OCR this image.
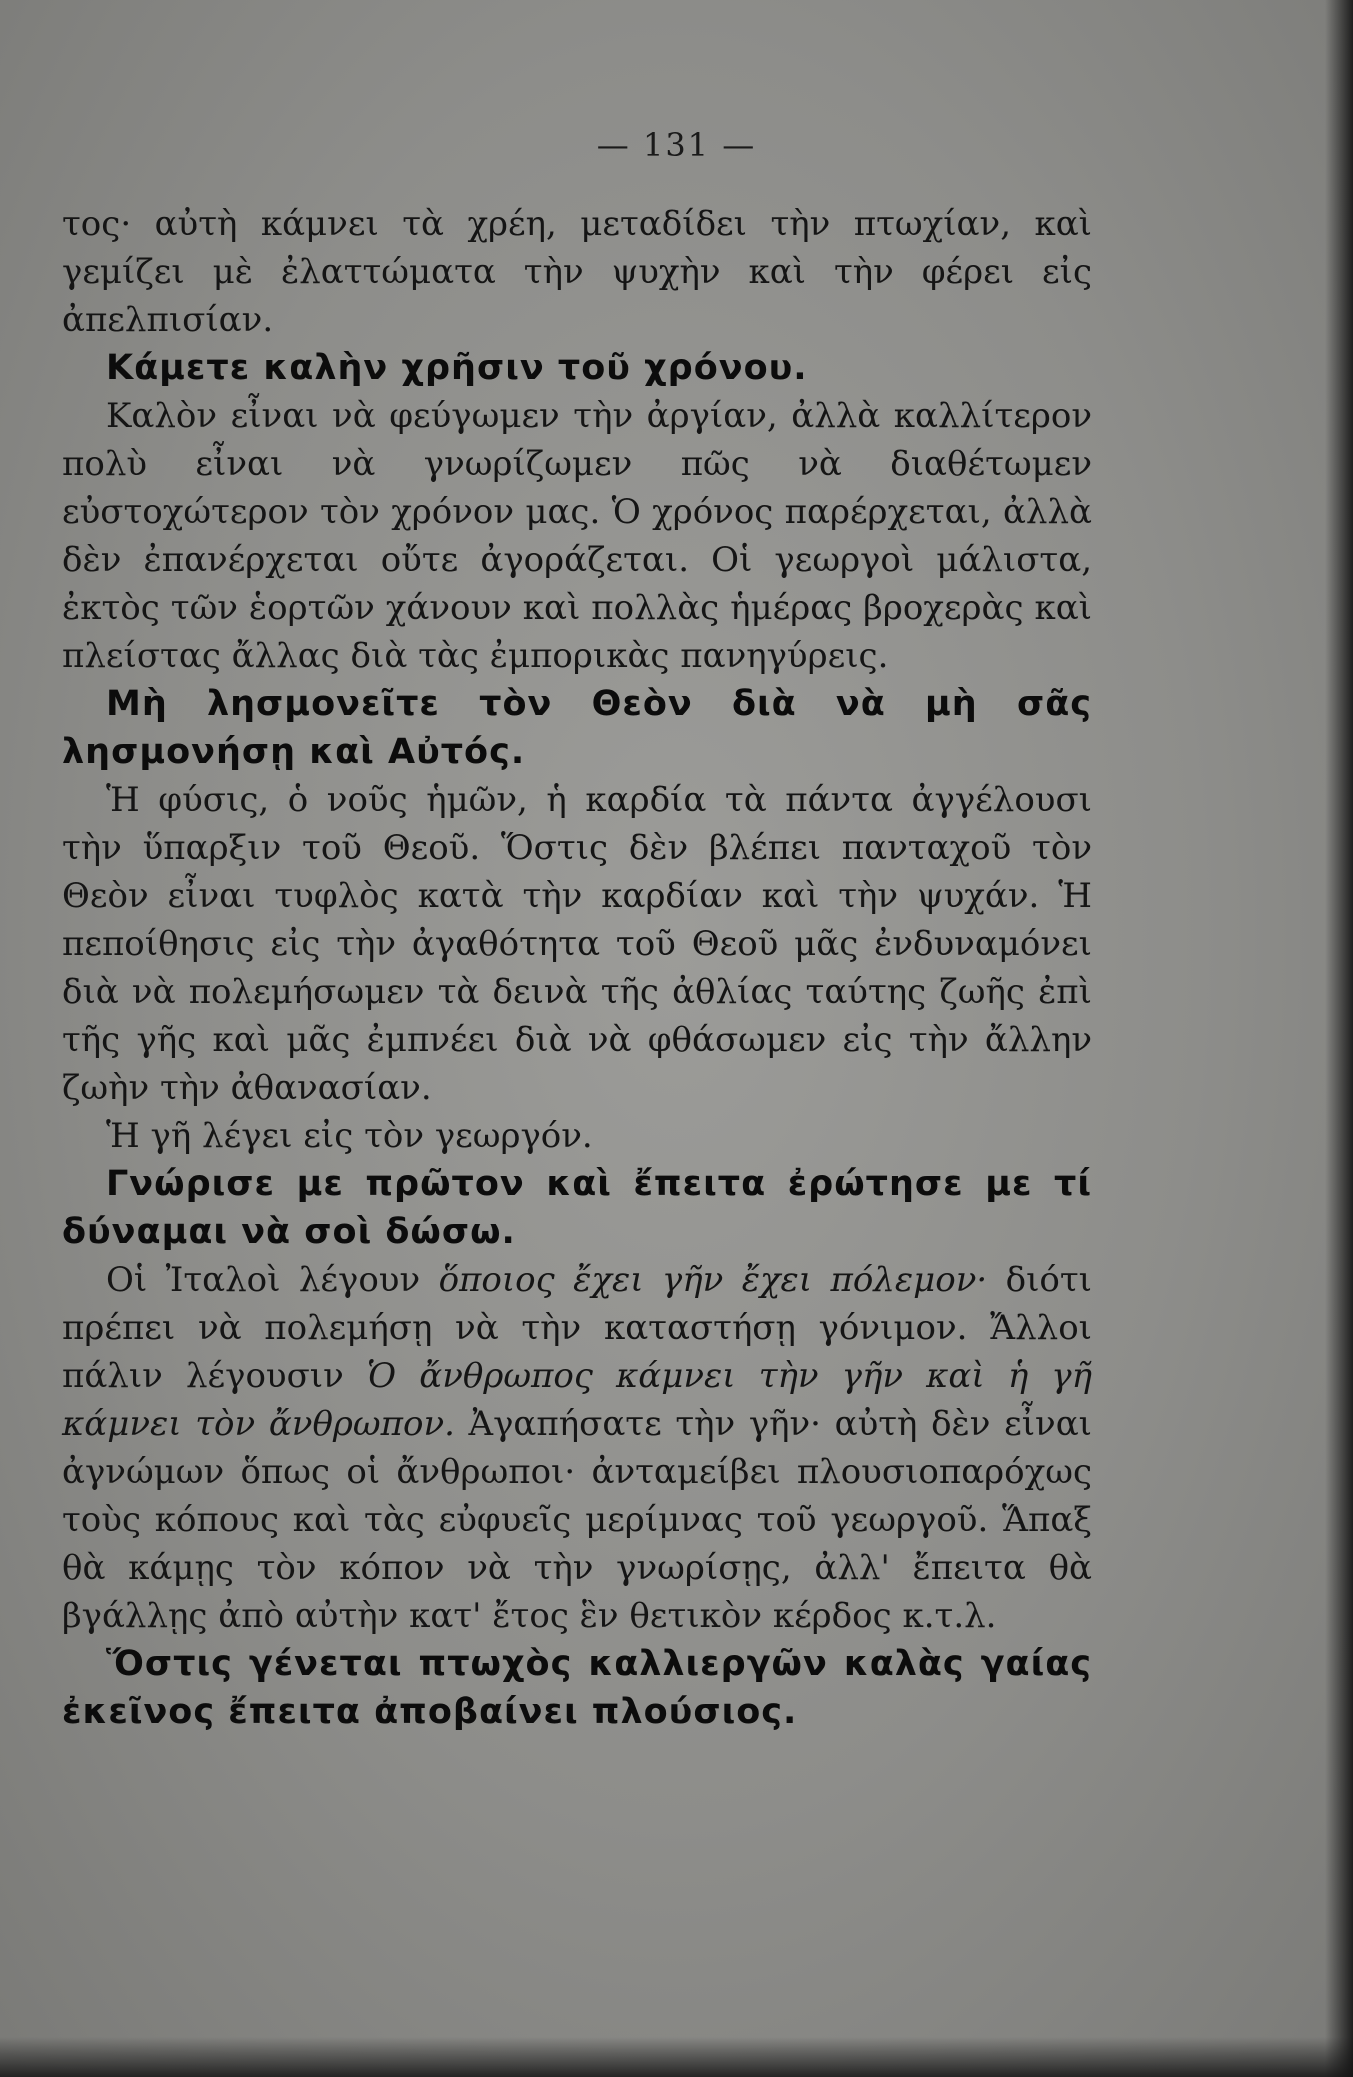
— 131 —

τος· αὐτὴ κάμνει τὰ χρέη, μεταδίδει τὴν πτωχίαν, καὶ γεμίζει μὲ ἐλαττώματα τὴν ψυχὴν καὶ τὴν φέρει εἰς ἀπελπισίαν.

Κάμετε καλὴν χρῆσιν τοῦ χρόνου.

Καλὸν εἶναι νὰ φεύγωμεν τὴν ἀργίαν, ἀλλὰ καλλίτερον πολὺ εἶναι νὰ γνωρίζωμεν πῶς νὰ διαθέτωμεν εὐστοχώτερον τὸν χρόνον μας. Ὁ χρόνος παρέρχεται, ἀλλὰ δὲν ἐπανέρχεται οὔτε ἀγοράζεται. Οἱ γεωργοὶ μάλιστα, ἐκτὸς τῶν ἑορτῶν χάνουν καὶ πολλὰς ἡμέρας βροχερὰς καὶ πλείστας ἄλλας διὰ τὰς ἐμπορικὰς πανηγύρεις.

Μὴ λησμονεῖτε τὸν Θεὸν διὰ νὰ μὴ σᾶς λησμονήσῃ καὶ Αὐτός.

Ἡ φύσις, ὁ νοῦς ἡμῶν, ἡ καρδία τὰ πάντα ἀγγέλουσι τὴν ὕπαρξιν τοῦ Θεοῦ. Ὅστις δὲν βλέπει πανταχοῦ τὸν Θεὸν εἶναι τυφλὸς κατὰ τὴν καρδίαν καὶ τὴν ψυχάν. Ἡ πεποίθησις εἰς τὴν ἀγαθότητα τοῦ Θεοῦ μᾶς ἐνδυναμόνει διὰ νὰ πολεμήσωμεν τὰ δεινὰ τῆς ἀθλίας ταύτης ζωῆς ἐπὶ τῆς γῆς καὶ μᾶς ἐμπνέει διὰ νὰ φθάσωμεν εἰς τὴν ἄλλην ζωὴν τὴν ἀθανασίαν.

Ἡ γῆ λέγει εἰς τὸν γεωργόν.

Γνώρισε με πρῶτον καὶ ἔπειτα ἐρώτησε με τί δύναμαι νὰ σοὶ δώσω.

Οἱ Ἰταλοὶ λέγουν ὅποιος ἔχει γῆν ἔχει πόλεμον· διότι πρέπει νὰ πολεμήσῃ νὰ τὴν καταστήσῃ γόνιμον. Ἄλλοι πάλιν λέγουσιν Ὁ ἄνθρωπος κάμνει τὴν γῆν καὶ ἡ γῆ κάμνει τὸν ἄνθρωπον. Ἀγαπήσατε τὴν γῆν· αὐτὴ δὲν εἶναι ἀγνώμων ὅπως οἱ ἄνθρωποι· ἀνταμείβει πλουσιοπαρόχως τοὺς κόπους καὶ τὰς εὐφυεῖς μερίμνας τοῦ γεωργοῦ. Ἅπαξ θὰ κάμῃς τὸν κόπον νὰ τὴν γνωρίσῃς, ἀλλ' ἔπειτα θὰ βγάλλῃς ἀπὸ αὐτὴν κατ' ἔτος ἓν θετικὸν κέρδος κ.τ.λ.

Ὅστις γένεται πτωχὸς καλλιεργῶν καλὰς γαίας ἐκεῖνος ἔπειτα ἀποβαίνει πλούσιος.
